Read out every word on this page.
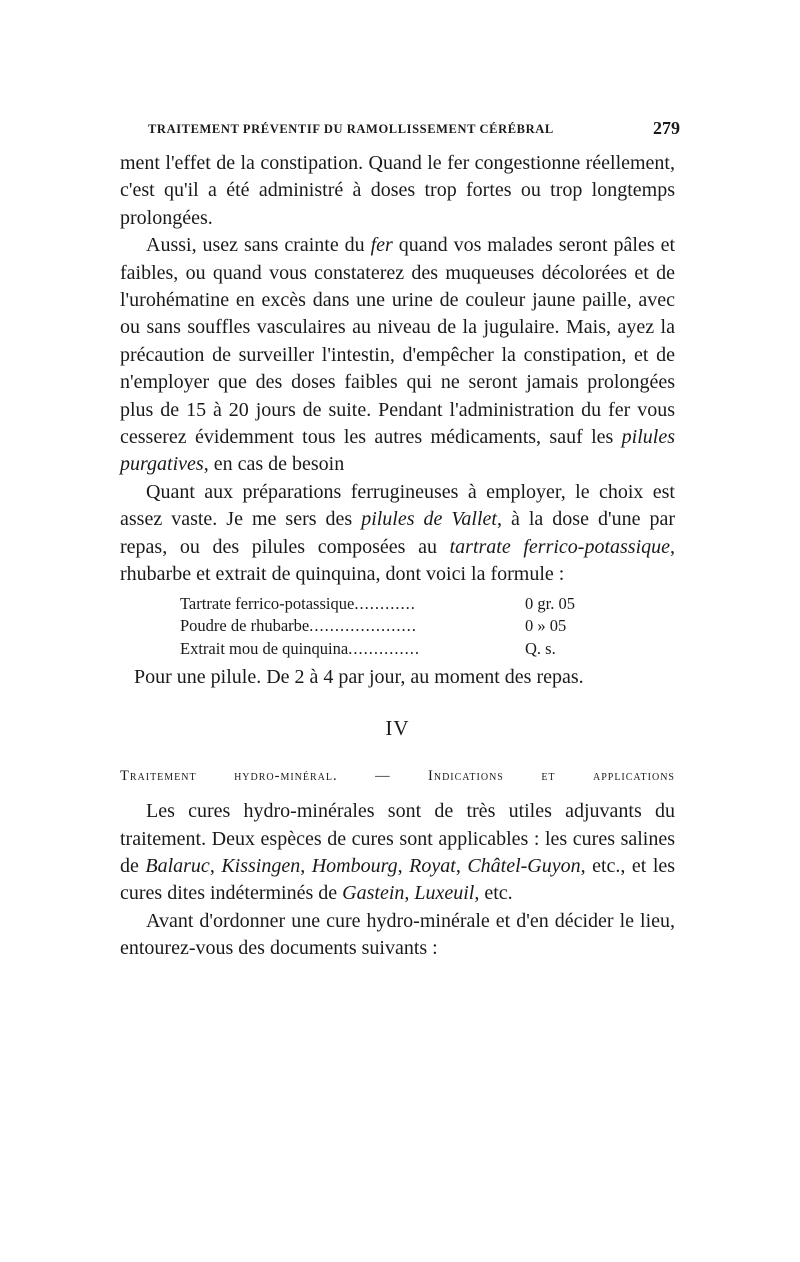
TRAITEMENT PRÉVENTIF DU RAMOLLISSEMENT CÉRÉBRAL	279

ment l'effet de la constipation. Quand le fer congestionne réellement, c'est qu'il a été administré à doses trop fortes ou trop longtemps prolongées.

Aussi, usez sans crainte du fer quand vos malades seront pâles et faibles, ou quand vous constaterez des muqueuses décolorées et de l'urohématine en excès dans une urine de couleur jaune paille, avec ou sans souffles vasculaires au niveau de la jugulaire. Mais, ayez la précaution de surveiller l'intestin, d'empêcher la constipation, et de n'employer que des doses faibles qui ne seront jamais prolongées plus de 15 à 20 jours de suite. Pendant l'administration du fer vous cesserez évidemment tous les autres médicaments, sauf les pilules purgatives, en cas de besoin

Quant aux préparations ferrugineuses à employer, le choix est assez vaste. Je me sers des pilules de Vallet, à la dose d'une par repas, ou des pilules composées au tartrate ferrico-potassique, rhubarbe et extrait de quinquina, dont voici la formule :

Tartrate ferrico-potassique............	0 gr. 05
Poudre de rhubarbe.....................	0 » 05
Extrait mou de quinquina..............	Q. s.

Pour une pilule. De 2 à 4 par jour, au moment des repas.

IV
Traitement hydro-minéral. — Indications et applications

Les cures hydro-minérales sont de très utiles adjuvants du traitement. Deux espèces de cures sont applicables : les cures salines de Balaruc, Kissingen, Hombourg, Royat, Châtel-Guyon, etc., et les cures dites indéterminés de Gastein, Luxeuil, etc.

Avant d'ordonner une cure hydro-minérale et d'en décider le lieu, entourez-vous des documents suivants :
